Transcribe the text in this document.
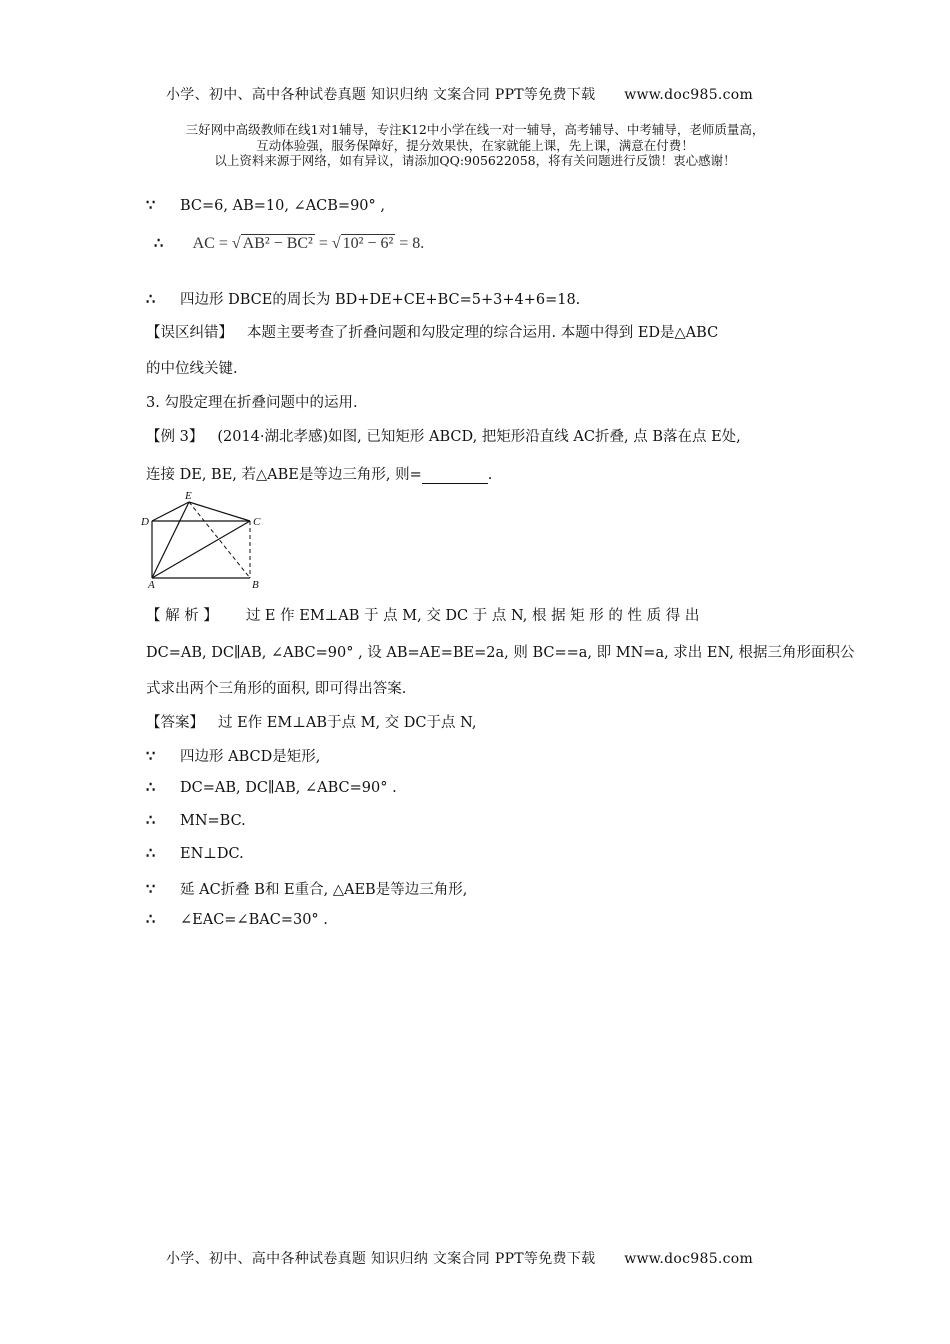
小学、初中、高中各种试卷真题 知识归纳 文案合同 PPT等免费下载 www.doc985.com
三好网中高级教师在线1对1辅导，专注K12中小学在线一对一辅导，高考辅导、中考辅导，老师质量高，
互动体验强，服务保障好，提分效果快，在家就能上课，先上课，满意在付费！
以上资料来源于网络，如有异议，请添加QQ:905622058，将有关问题进行反馈！衷心感谢！
∵ BC=6, AB=10, ∠ACB=90° ,
∴ AC = √ AB² − BC² = √ 10² − 6² = 8.
∴ 四边形 DBCE的周长为 BD+DE+CE+BC=5+3+4+6=18.
【误区纠错】 本题主要考查了折叠问题和勾股定理的综合运用. 本题中得到 ED是△ABC
的中位线关键.
3. 勾股定理在折叠问题中的运用.
【例 3】 (2014·湖北孝感)如图, 已知矩形 ABCD, 把矩形沿直线 AC折叠, 点 B落在点 E处,
连接 DE, BE, 若△ABE是等边三角形, 则=	.
E
D	C
A	B
【 解 析 】 过 E 作 EM⊥AB 于 点 M, 交 DC 于 点 N, 根 据 矩 形 的 性 质 得 出
DC=AB, DC∥AB, ∠ABC=90° , 设 AB=AE=BE=2a, 则 BC==a, 即 MN=a, 求出 EN, 根据三角形面积公
式求出两个三角形的面积, 即可得出答案.
【答案】 过 E作 EM⊥AB于点 M, 交 DC于点 N,
∵ 四边形 ABCD是矩形,
∴ DC=AB, DC∥AB, ∠ABC=90° .
∴ MN=BC.
∴ EN⊥DC.
∵ 延 AC折叠 B和 E重合, △AEB是等边三角形,
∴ ∠EAC=∠BAC=30° .
小学、初中、高中各种试卷真题 知识归纳 文案合同 PPT等免费下载 www.doc985.com
